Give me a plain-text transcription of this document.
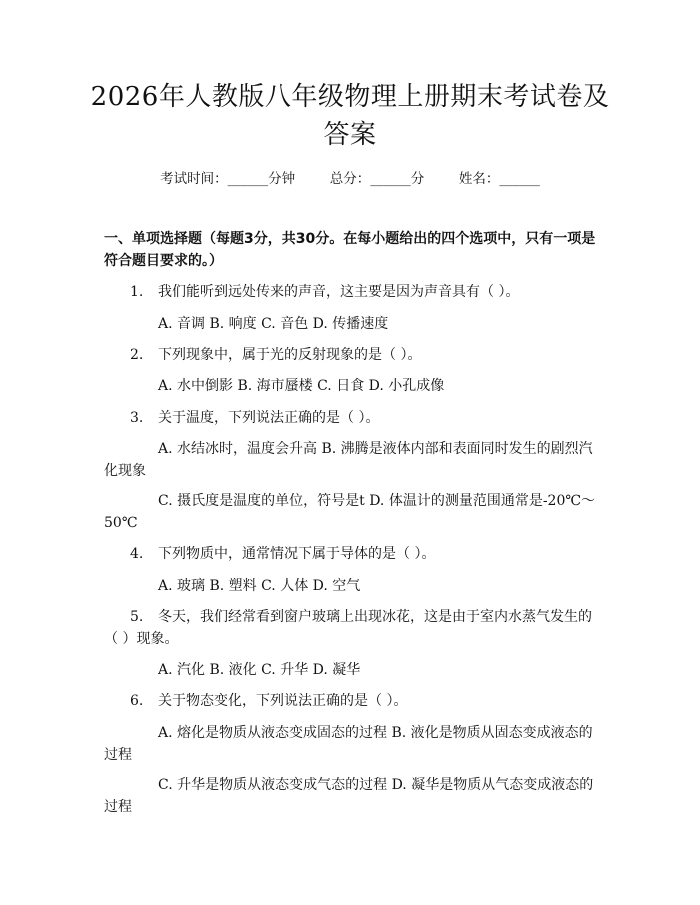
2026年人教版八年级物理上册期末考试卷及
答案
考试时间：______分钟	总分：______分	姓名：______
一、单项选择题（每题3分，共30分。在每小题给出的四个选项中，只有一项是符合题目要求的。）
1. 我们能听到远处传来的声音，这主要是因为声音具有（ ）。
A. 音调 B. 响度 C. 音色 D. 传播速度
2. 下列现象中，属于光的反射现象的是（ ）。
A. 水中倒影 B. 海市蜃楼 C. 日食 D. 小孔成像
3. 关于温度，下列说法正确的是（ ）。
A. 水结冰时，温度会升高 B. 沸腾是液体内部和表面同时发生的剧烈汽化现象
C. 摄氏度是温度的单位，符号是t D. 体温计的测量范围通常是-20℃～50℃
4. 下列物质中，通常情况下属于导体的是（ ）。
A. 玻璃 B. 塑料 C. 人体 D. 空气
5. 冬天，我们经常看到窗户玻璃上出现冰花，这是由于室内水蒸气发生的（ ）现象。
A. 汽化 B. 液化 C. 升华 D. 凝华
6. 关于物态变化，下列说法正确的是（ ）。
A. 熔化是物质从液态变成固态的过程 B. 液化是物质从固态变成液态的过程
C. 升华是物质从液态变成气态的过程 D. 凝华是物质从气态变成液态的过程
